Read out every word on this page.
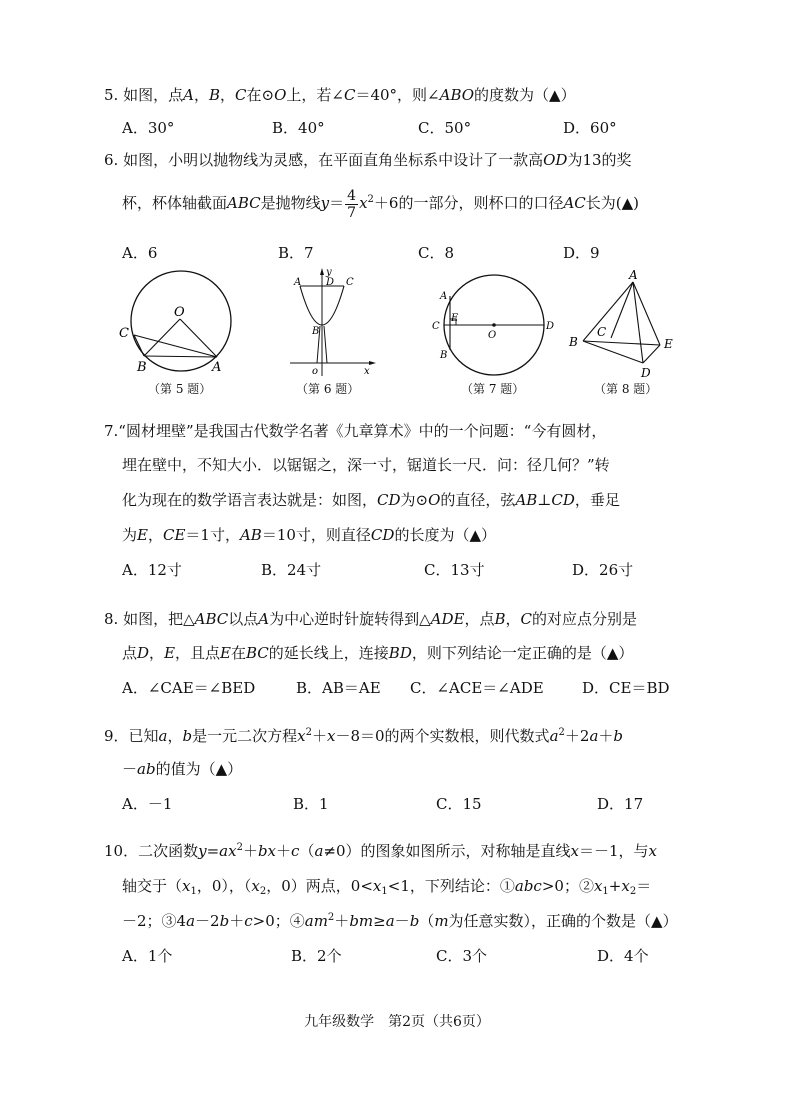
5. 如图，点A，B，C在⊙O上，若∠C＝40°，则∠ABO的度数为（▲）
A．30°	B．40°	C．50°	D．60°
6. 如图，小明以抛物线为灵感，在平面直角坐标系中设计了一款高OD为13的奖
杯，杯体轴截面ABC是抛物线$y= \frac{4}{7} x^2+6$的一部分，则杯口的口径AC长为(▲)
A．6	B．7	C．8	D．9
O
C
B	A
y
A D C
B
o	x
A
C
E
O
D
B
A
B
C
E
D
（第 5 题）	（第 6 题）	（第 7 题）	（第 8 题）
7.“圆材埋壁”是我国古代数学名著《九章算术》中的一个问题：“今有圆材，
埋在壁中，不知大小．以锯锯之，深一寸，锯道长一尺．问：径几何？”转
化为现在的数学语言表达就是：如图，CD为⊙O的直径，弦AB⊥CD，垂足
为E，CE＝1寸，AB＝10寸，则直径CD的长度为（▲）
A．12寸	B．24寸	C．13寸	D．26寸
8. 如图，把△ABC以点A为中心逆时针旋转得到△ADE，点B，C的对应点分别是
点D，E，且点E在BC的延长线上，连接BD，则下列结论一定正确的是（▲）
A．∠CAE＝∠BED	B．AB＝AE C．∠ACE＝∠ADE	D．CE＝BD
9．已知a，b是一元二次方程$x^2+x-8=0$的两个实数根，则代数式$a^2+2a+b$
－ab的值为（▲）
A．－1	B．1	C．15	D．17
10．二次函数$y=ax^2+bx+c(a\ne 0)$的图象如图所示，对称轴是直线x＝－1，与x
轴交于（$x_1$，0），（$x_2$，0）两点，$0<x_1<1$，下列结论：①abc>0；$②x_1+x_2=$
－2；③4a－2b＋c>0；$④am^2+bm\ge a-b(m$为任意实数），正确的个数是（▲）
A．1个	B．2个	C．3个	D．4个
九年级数学　第2页（共6页）
